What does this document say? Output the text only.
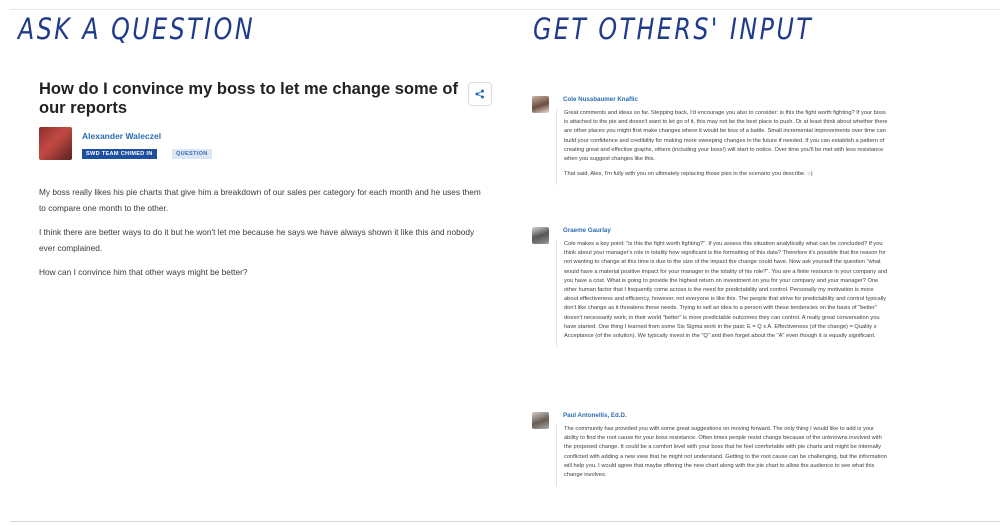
ASK A QUESTION	GET OTHERS' INPUT
How do I convince my boss to let me change some of our reports
Alexander Waleczel
SWD TEAM CHIMED IN	QUESTION

My boss really likes his pie charts that give him a breakdown of our sales per category for each month and he uses them to compare one month to the other.

I think there are better ways to do it but he won't let me because he says we have always shown it like this and nobody ever complained.

How can I convince him that other ways might be better?

Cole Nussbaumer Knaflic

Great comments and ideas so far. Stepping back, I'd encourage you also to consider: is this the fight worth fighting? If your boss is attached to the pie and doesn't want to let go of it, this may not be the best place to push. Or at least think about whether there are other places you might first make changes where it would be less of a battle. Small incremental improvements over time can build your confidence and credibility for making more sweeping changes in the future if needed. If you can establish a pattern of creating great and effective graphs, others (including your boss!) will start to notice. Over time you'll be met with less resistance when you suggest changes like this.

That said, Alex, I'm fully with you on ultimately replacing those pies in the scenario you describe. ;-)

Graeme Gaurlay

Cole makes a key point: "is this the fight worth fighting?". If you assess this situation analytically what can be concluded? If you think about your manager's role in totality how significant is the formatting of this data? Therefore it's possible that the reason for not wanting to change at this time is due to the size of the impact the change could have. Now ask yourself the question "what would have a material positive impact for your manager in the totality of his role?". You are a finite resource in your company and you have a cost. What is going to provide the highest return on investment on you for your company and your manager? One other human factor that I frequently come across is the need for predictability and control. Personally my motivation is more about effectiveness and efficiency, however, not everyone is like this. The people that strive for predictability and control typically don't like change as it threatens these needs. Trying to sell an idea to a person with these tendencies on the basis of "better" doesn't necessarily work; in their world "better" is more predictable outcomes they can control. A really great conversation you have started. One thing I learned from some Six Sigma work in the past: E = Q x A. Effectiveness (of the change) = Quality x Acceptance (of the solution). We typically invest in the "Q" and then forget about the "A" even though it is equally significant.

Paul Antonellis, Ed.D.

The community has provided you with some great suggestions on moving forward. The only thing I would like to add is your ability to find the root cause for your boss resistance. Often times people resist change because of the unknowns involved with the proposed change. It could be a comfort level with your boss that he feel comfortable with pie charts and might be internally conflicted with adding a new view that he might not understand. Getting to the root cause can be challenging, but the information will help you. I would agree that maybe offering the new chart along with the pie chart to allow the audience to see what this change involves.
